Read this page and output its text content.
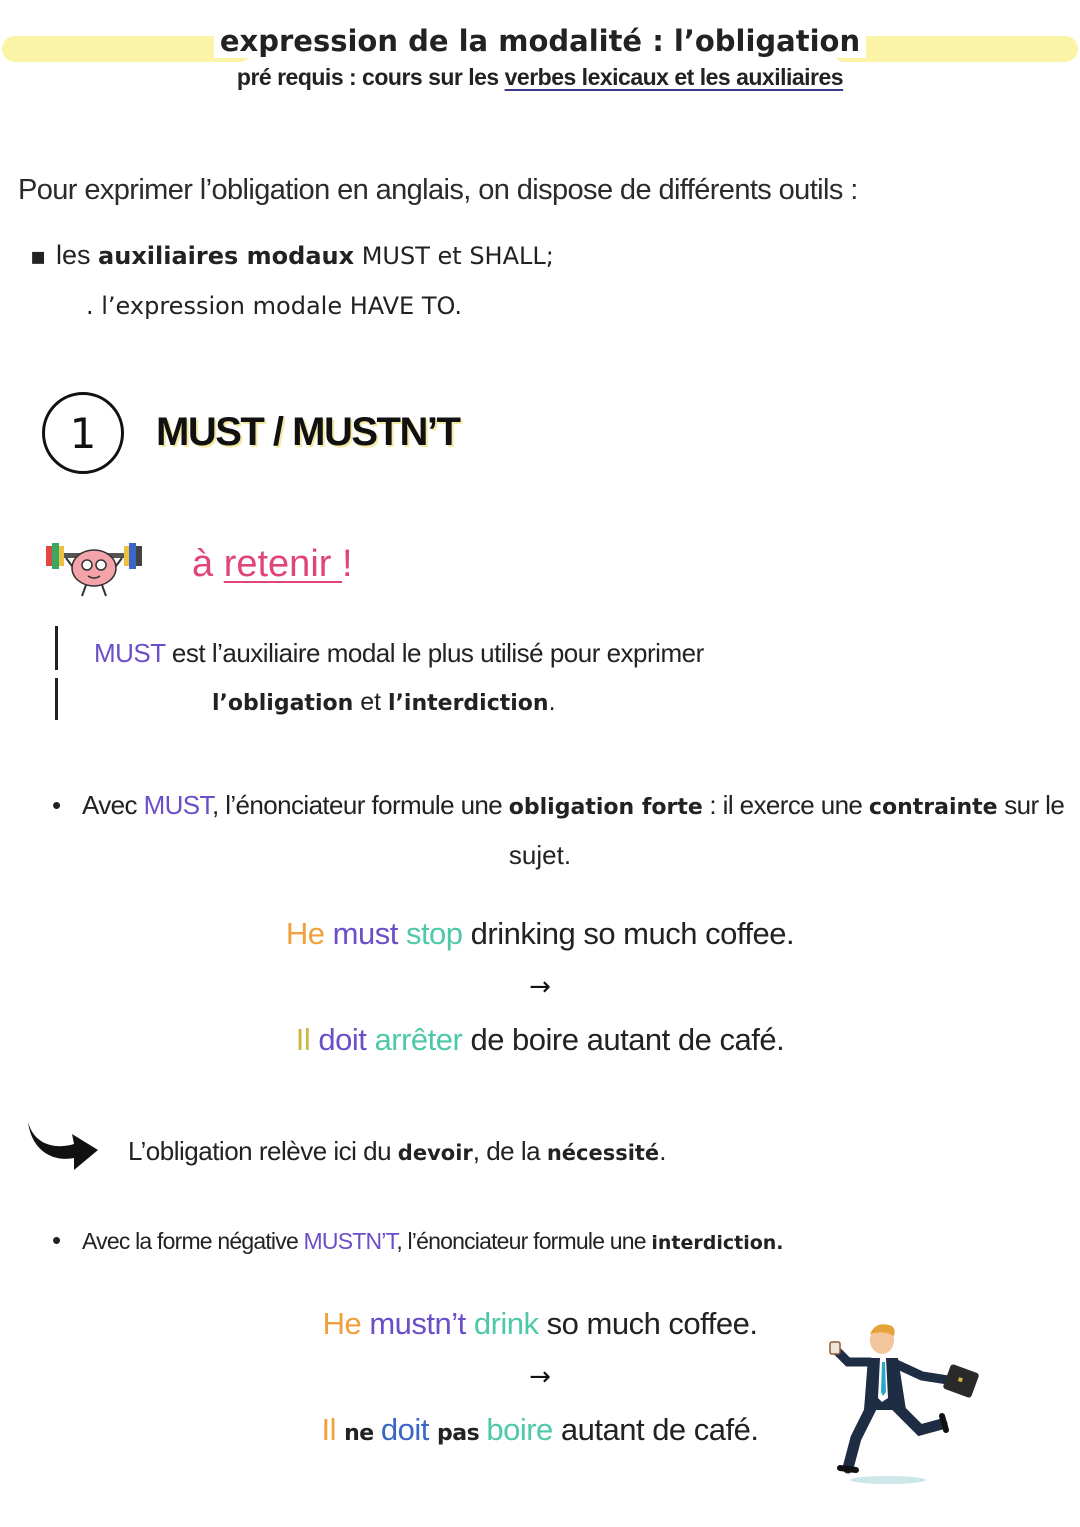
expression de la modalité : l’obligation
pré requis : cours sur les verbes lexicaux et les auxiliaires
Pour exprimer l’obligation en anglais, on dispose de différents outils :
▪ les auxiliaires modaux MUST et SHALL;
. l’expression modale HAVE TO.
1	MUST / MUSTN’T
à retenir !
MUST est l’auxiliaire modal le plus utilisé pour exprimer
l’obligation et l’interdiction.
• Avec MUST, l’énonciateur formule une obligation forte : il exerce une contrainte sur le
sujet.
He must stop drinking so much coffee.
→
Il doit arrêter de boire autant de café.
L’obligation relève ici du devoir, de la nécessité.
• Avec la forme négative MUSTN’T, l’énonciateur formule une interdiction.
He mustn’t drink so much coffee.
→
Il ne doit pas boire autant de café.
